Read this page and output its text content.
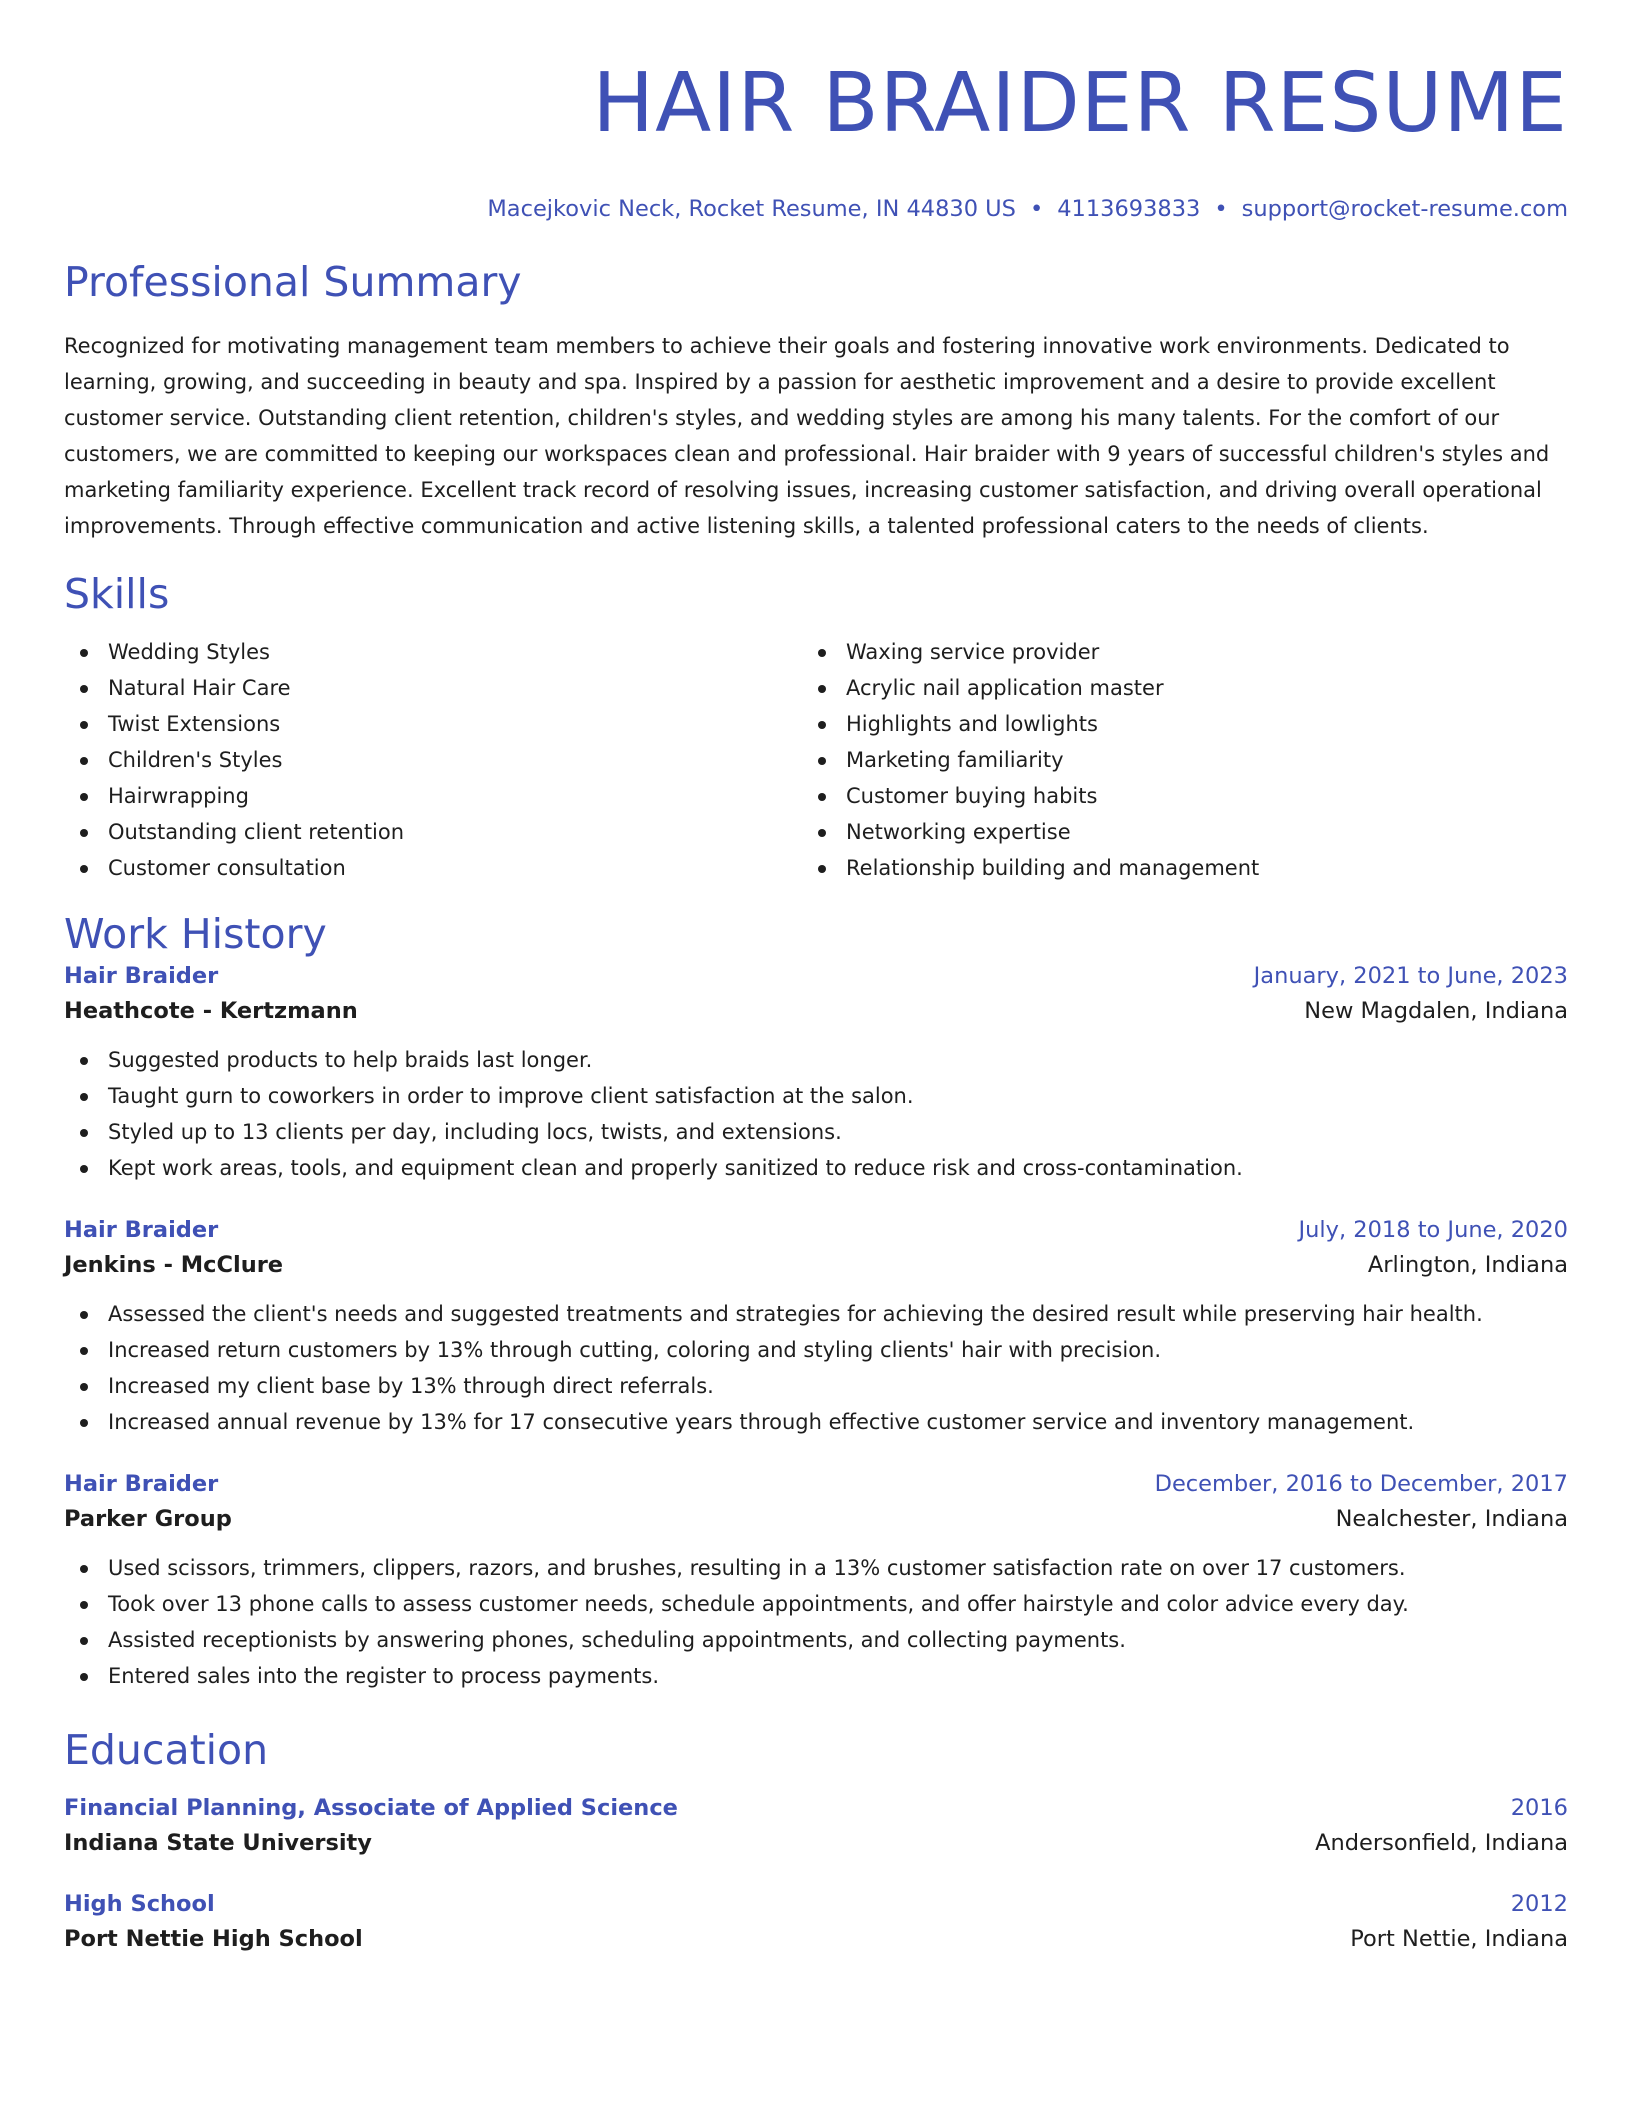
HAIR BRAIDER RESUME
Macejkovic Neck, Rocket Resume, IN 44830 US • 4113693833 • support@rocket-resume.com
Professional Summary

Recognized for motivating management team members to achieve their goals and fostering innovative work environments. Dedicated to learning, growing, and succeeding in beauty and spa. Inspired by a passion for aesthetic improvement and a desire to provide excellent customer service. Outstanding client retention, children's styles, and wedding styles are among his many talents. For the comfort of our customers, we are committed to keeping our workspaces clean and professional. Hair braider with 9 years of successful children's styles and marketing familiarity experience. Excellent track record of resolving issues, increasing customer satisfaction, and driving overall operational improvements. Through effective communication and active listening skills, a talented professional caters to the needs of clients.

Skills
Wedding Styles
Natural Hair Care
Twist Extensions
Children's Styles
Hairwrapping
Outstanding client retention
Customer consultation
Waxing service provider
Acrylic nail application master
Highlights and lowlights
Marketing familiarity
Customer buying habits
Networking expertise
Relationship building and management
Work History
Hair Braider	January, 2021 to June, 2023
Heathcote - Kertzmann	New Magdalen, Indiana
Suggested products to help braids last longer.
Taught gurn to coworkers in order to improve client satisfaction at the salon.
Styled up to 13 clients per day, including locs, twists, and extensions.
Kept work areas, tools, and equipment clean and properly sanitized to reduce risk and cross-contamination.
Hair Braider	July, 2018 to June, 2020
Jenkins - McClure	Arlington, Indiana
Assessed the client's needs and suggested treatments and strategies for achieving the desired result while preserving hair health.
Increased return customers by 13% through cutting, coloring and styling clients' hair with precision.
Increased my client base by 13% through direct referrals.
Increased annual revenue by 13% for 17 consecutive years through effective customer service and inventory management.
Hair Braider	December, 2016 to December, 2017
Parker Group	Nealchester, Indiana
Used scissors, trimmers, clippers, razors, and brushes, resulting in a 13% customer satisfaction rate on over 17 customers.
Took over 13 phone calls to assess customer needs, schedule appointments, and offer hairstyle and color advice every day.
Assisted receptionists by answering phones, scheduling appointments, and collecting payments.
Entered sales into the register to process payments.
Education
Financial Planning, Associate of Applied Science	2016
Indiana State University	Andersonfield, Indiana
High School	2012
Port Nettie High School	Port Nettie, Indiana
